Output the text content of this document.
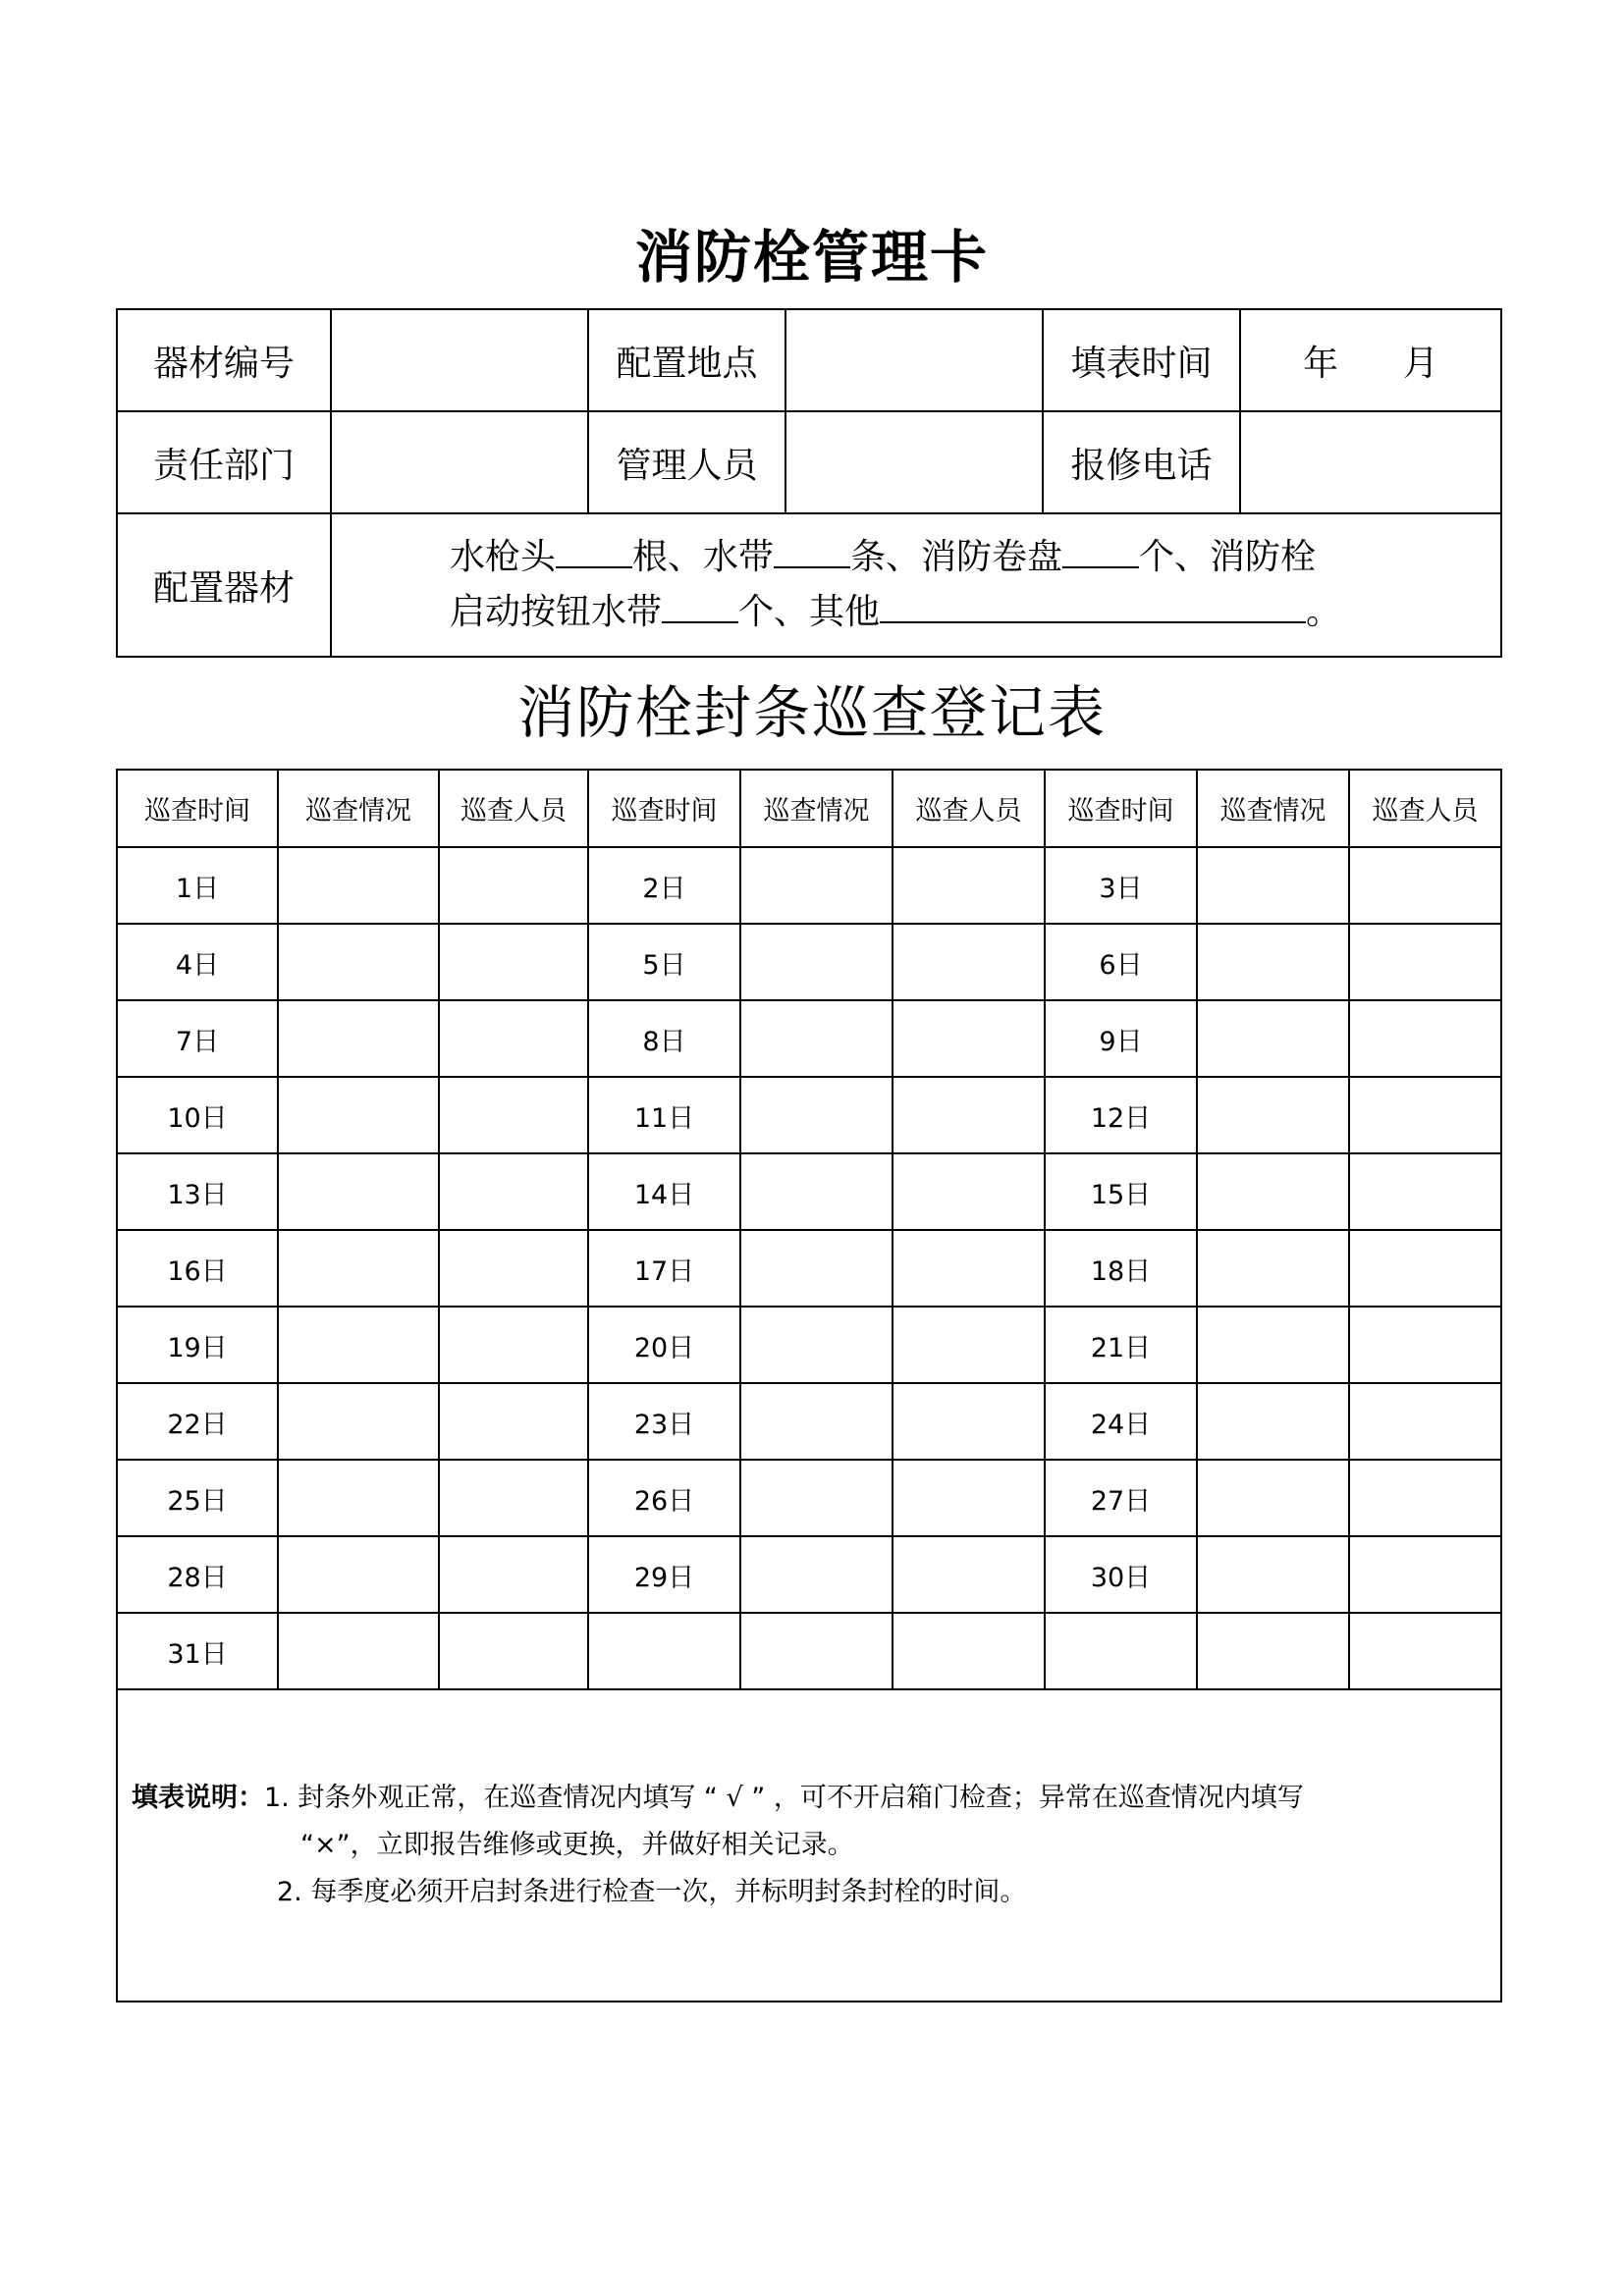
消防栓管理卡
器材编号		配置地点		填表时间	年 月
责任部门		管理人员		报修电话	
配置器材	水枪头 根、水带 条、消防卷盘 个、消防栓
启动按钮水带 个、其他 。				
消防栓封条巡查登记表
巡查时间	巡查情况	巡查人员	巡查时间	巡查情况	巡查人员	巡查时间	巡查情况	巡查人员
1日			2日			3日		
4日			5日			6日		
7日			8日			9日		
10日			11日			12日		
13日			14日			15日		
16日			17日			18日		
19日			20日			21日		
22日			23日			24日		
25日			26日			27日		
28日			29日			30日		
31日								

填表说明：1. 封条外观正常，在巡查情况内填写 “ √ ” ，可不开启箱门检查；异常在巡查情况内填写
“×”，立即报告维修或更换，并做好相关记录。
2. 每季度必须开启封条进行检查一次，并标明封条封栓的时间。								
